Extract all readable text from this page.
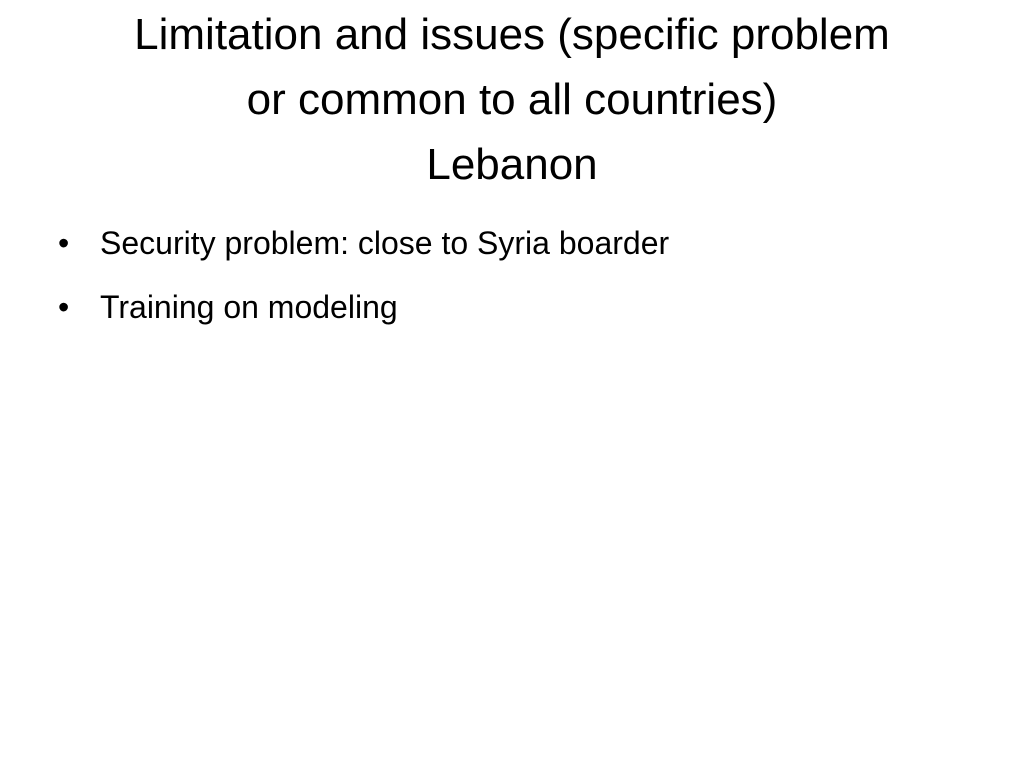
Limitation and issues (specific problem
or common to all countries)
Lebanon
• Security problem: close to Syria boarder
• Training on modeling
